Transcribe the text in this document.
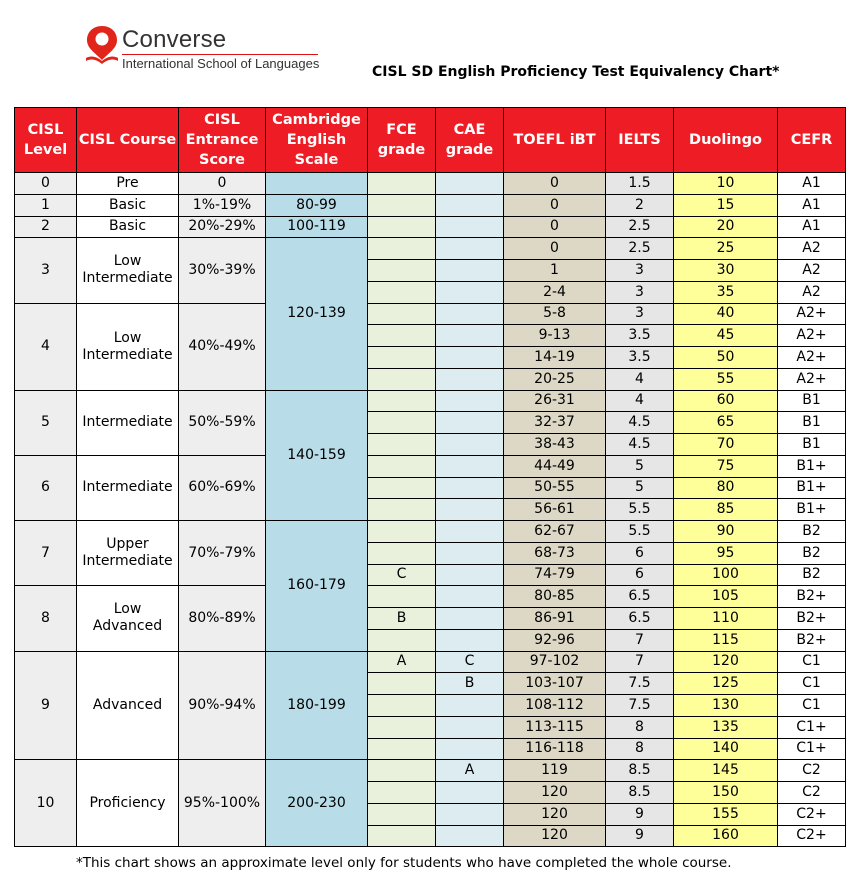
Converse
International School of Languages
CISL SD English Proficiency Test Equivalency Chart*
CISL Level	CISL Course	CISL Entrance Score	Cambridge English Scale	FCE grade	CAE grade	TOEFL iBT	IELTS	Duolingo	CEFR
0	Pre	0				0	1.5	10	A1
1	Basic	1%-19%	80-99			0	2	15	A1
2	Basic	20%-29%	100-119			0	2.5	20	A1
3	Low Intermediate	30%-39%	120-139			0	2.5	25	A2
						1	3	30	A2
						2-4	3	35	A2
4	Low Intermediate	40%-49%				5-8	3	40	A2+
						9-13	3.5	45	A2+
						14-19	3.5	50	A2+
						20-25	4	55	A2+
5	Intermediate	50%-59%	140-159			26-31	4	60	B1
						32-37	4.5	65	B1
						38-43	4.5	70	B1
6	Intermediate	60%-69%				44-49	5	75	B1+
						50-55	5	80	B1+
						56-61	5.5	85	B1+
7	Upper Intermediate	70%-79%	160-179			62-67	5.5	90	B2
						68-73	6	95	B2
				C		74-79	6	100	B2
8	Low Advanced	80%-89%				80-85	6.5	105	B2+
				B		86-91	6.5	110	B2+
						92-96	7	115	B2+
9	Advanced	90%-94%	180-199	A	C	97-102	7	120	C1
					B	103-107	7.5	125	C1
						108-112	7.5	130	C1
						113-115	8	135	C1+
						116-118	8	140	C1+
10	Proficiency	95%-100%	200-230		A	119	8.5	145	C2
						120	8.5	150	C2
						120	9	155	C2+
						120	9	160	C2+
*This chart shows an approximate level only for students who have completed the whole course.
